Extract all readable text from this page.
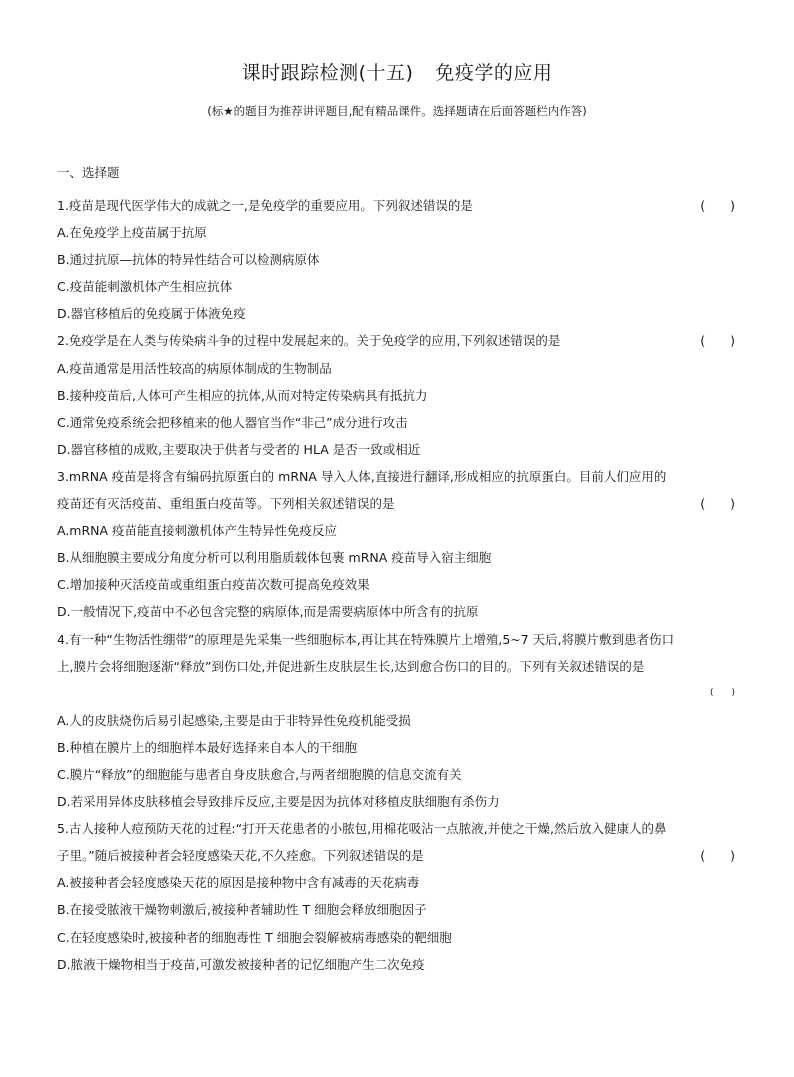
课时跟踪检测(十五) 免疫学的应用
(标★的题目为推荐讲评题目,配有精品课件。选择题请在后面答题栏内作答)
一、选择题
1.疫苗是现代医学伟大的成就之一,是免疫学的重要应用。下列叙述错误的是	(　　)
A.在免疫学上疫苗属于抗原
B.通过抗原—抗体的特异性结合可以检测病原体
C.疫苗能刺激机体产生相应抗体
D.器官移植后的免疫属于体液免疫
2.免疫学是在人类与传染病斗争的过程中发展起来的。关于免疫学的应用,下列叙述错误的是	(　　)
A.疫苗通常是用活性较高的病原体制成的生物制品
B.接种疫苗后,人体可产生相应的抗体,从而对特定传染病具有抵抗力
C.通常免疫系统会把移植来的他人器官当作“非己”成分进行攻击
D.器官移植的成败,主要取决于供者与受者的 HLA 是否一致或相近
3.mRNA 疫苗是将含有编码抗原蛋白的 mRNA 导入人体,直接进行翻译,形成相应的抗原蛋白。目前人们应用的
疫苗还有灭活疫苗、重组蛋白疫苗等。下列相关叙述错误的是	(　　)
A.mRNA 疫苗能直接刺激机体产生特异性免疫反应
B.从细胞膜主要成分角度分析可以利用脂质载体包裹 mRNA 疫苗导入宿主细胞
C.增加接种灭活疫苗或重组蛋白疫苗次数可提高免疫效果
D.一般情况下,疫苗中不必包含完整的病原体,而是需要病原体中所含有的抗原
4.有一种“生物活性绷带”的原理是先采集一些细胞标本,再让其在特殊膜片上增殖,5~7 天后,将膜片敷到患者伤口
上,膜片会将细胞逐渐“释放”到伤口处,并促进新生皮肤层生长,达到愈合伤口的目的。下列有关叙述错误的是
(　　)
A.人的皮肤烧伤后易引起感染,主要是由于非特异性免疫机能受损
B.种植在膜片上的细胞样本最好选择来自本人的干细胞
C.膜片“释放”的细胞能与患者自身皮肤愈合,与两者细胞膜的信息交流有关
D.若采用异体皮肤移植会导致排斥反应,主要是因为抗体对移植皮肤细胞有杀伤力
5.古人接种人痘预防天花的过程:“打开天花患者的小脓包,用棉花吸沾一点脓液,并使之干燥,然后放入健康人的鼻
子里。”随后被接种者会轻度感染天花,不久痊愈。下列叙述错误的是	(　　)
A.被接种者会轻度感染天花的原因是接种物中含有减毒的天花病毒
B.在接受脓液干燥物刺激后,被接种者辅助性 T 细胞会释放细胞因子
C.在轻度感染时,被接种者的细胞毒性 T 细胞会裂解被病毒感染的靶细胞
D.脓液干燥物相当于疫苗,可激发被接种者的记忆细胞产生二次免疫
